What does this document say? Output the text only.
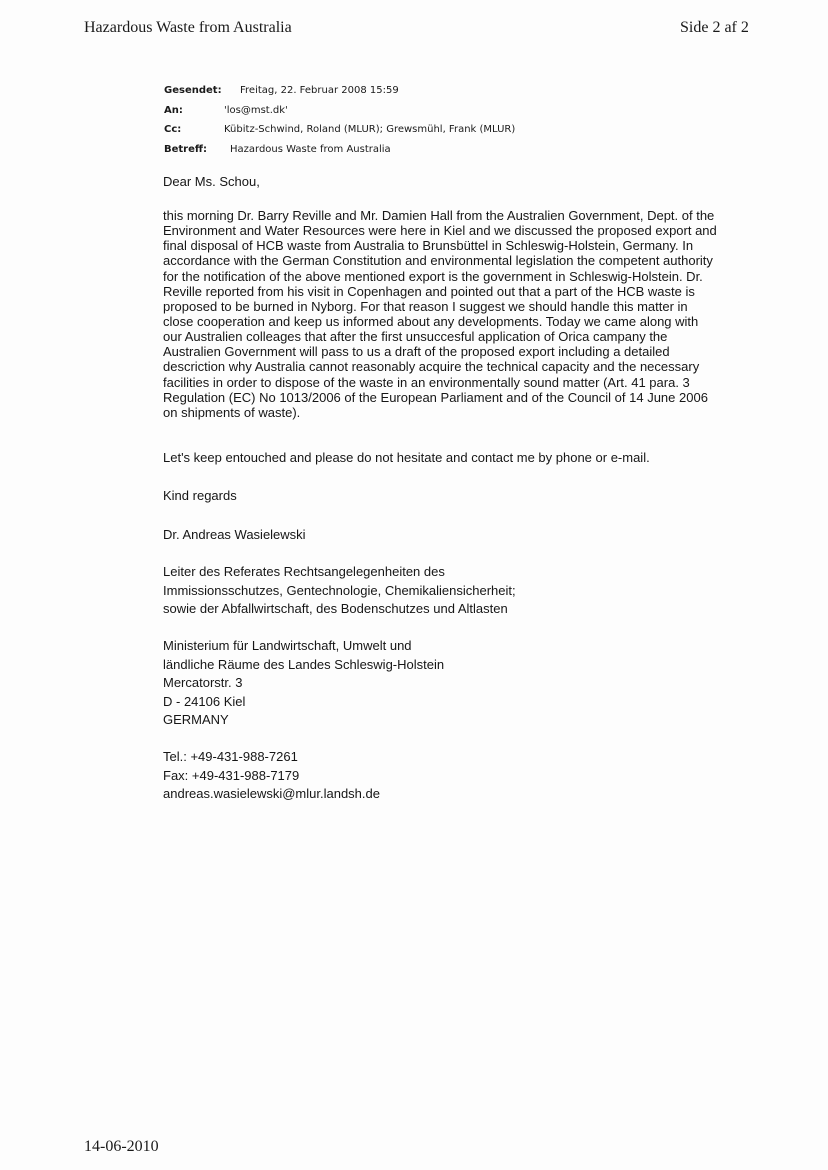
Hazardous Waste from Australia	Side 2 af 2
Gesendet:	Freitag, 22. Februar 2008 15:59
An:	'los@mst.dk'
Cc:	Kübitz-Schwind, Roland (MLUR); Grewsmühl, Frank (MLUR)
Betreff:	Hazardous Waste from Australia
Dear Ms. Schou,
this morning Dr. Barry Reville and Mr. Damien Hall from the Australien Government, Dept. of the
Environment and Water Resources were here in Kiel and we discussed the proposed export and
final disposal of HCB waste from Australia to Brunsbüttel in Schleswig-Holstein, Germany. In
accordance with the German Constitution and environmental legislation the competent authority
for the notification of the above mentioned export is the government in Schleswig-Holstein. Dr.
Reville reported from his visit in Copenhagen and pointed out that a part of the HCB waste is
proposed to be burned in Nyborg. For that reason I suggest we should handle this matter in
close cooperation and keep us informed about any developments. Today we came along with
our Australien colleages that after the first unsuccesful application of Orica campany the
Australien Government will pass to us a draft of the proposed export including a detailed
descriction why Australia cannot reasonably acquire the technical capacity and the necessary
facilities in order to dispose of the waste in an environmentally sound matter (Art. 41 para. 3
Regulation (EC) No 1013/2006 of the European Parliament and of the Council of 14 June 2006
on shipments of waste).
Let's keep entouched and please do not hesitate and contact me by phone or e-mail.
Kind regards
Dr. Andreas Wasielewski
Leiter des Referates Rechtsangelegenheiten des
Immissionsschutzes, Gentechnologie, Chemikaliensicherheit;
sowie der Abfallwirtschaft, des Bodenschutzes und Altlasten
Ministerium für Landwirtschaft, Umwelt und
ländliche Räume des Landes Schleswig-Holstein
Mercatorstr. 3
D - 24106 Kiel
GERMANY
Tel.: +49-431-988-7261
Fax: +49-431-988-7179
andreas.wasielewski@mlur.landsh.de
14-06-2010
